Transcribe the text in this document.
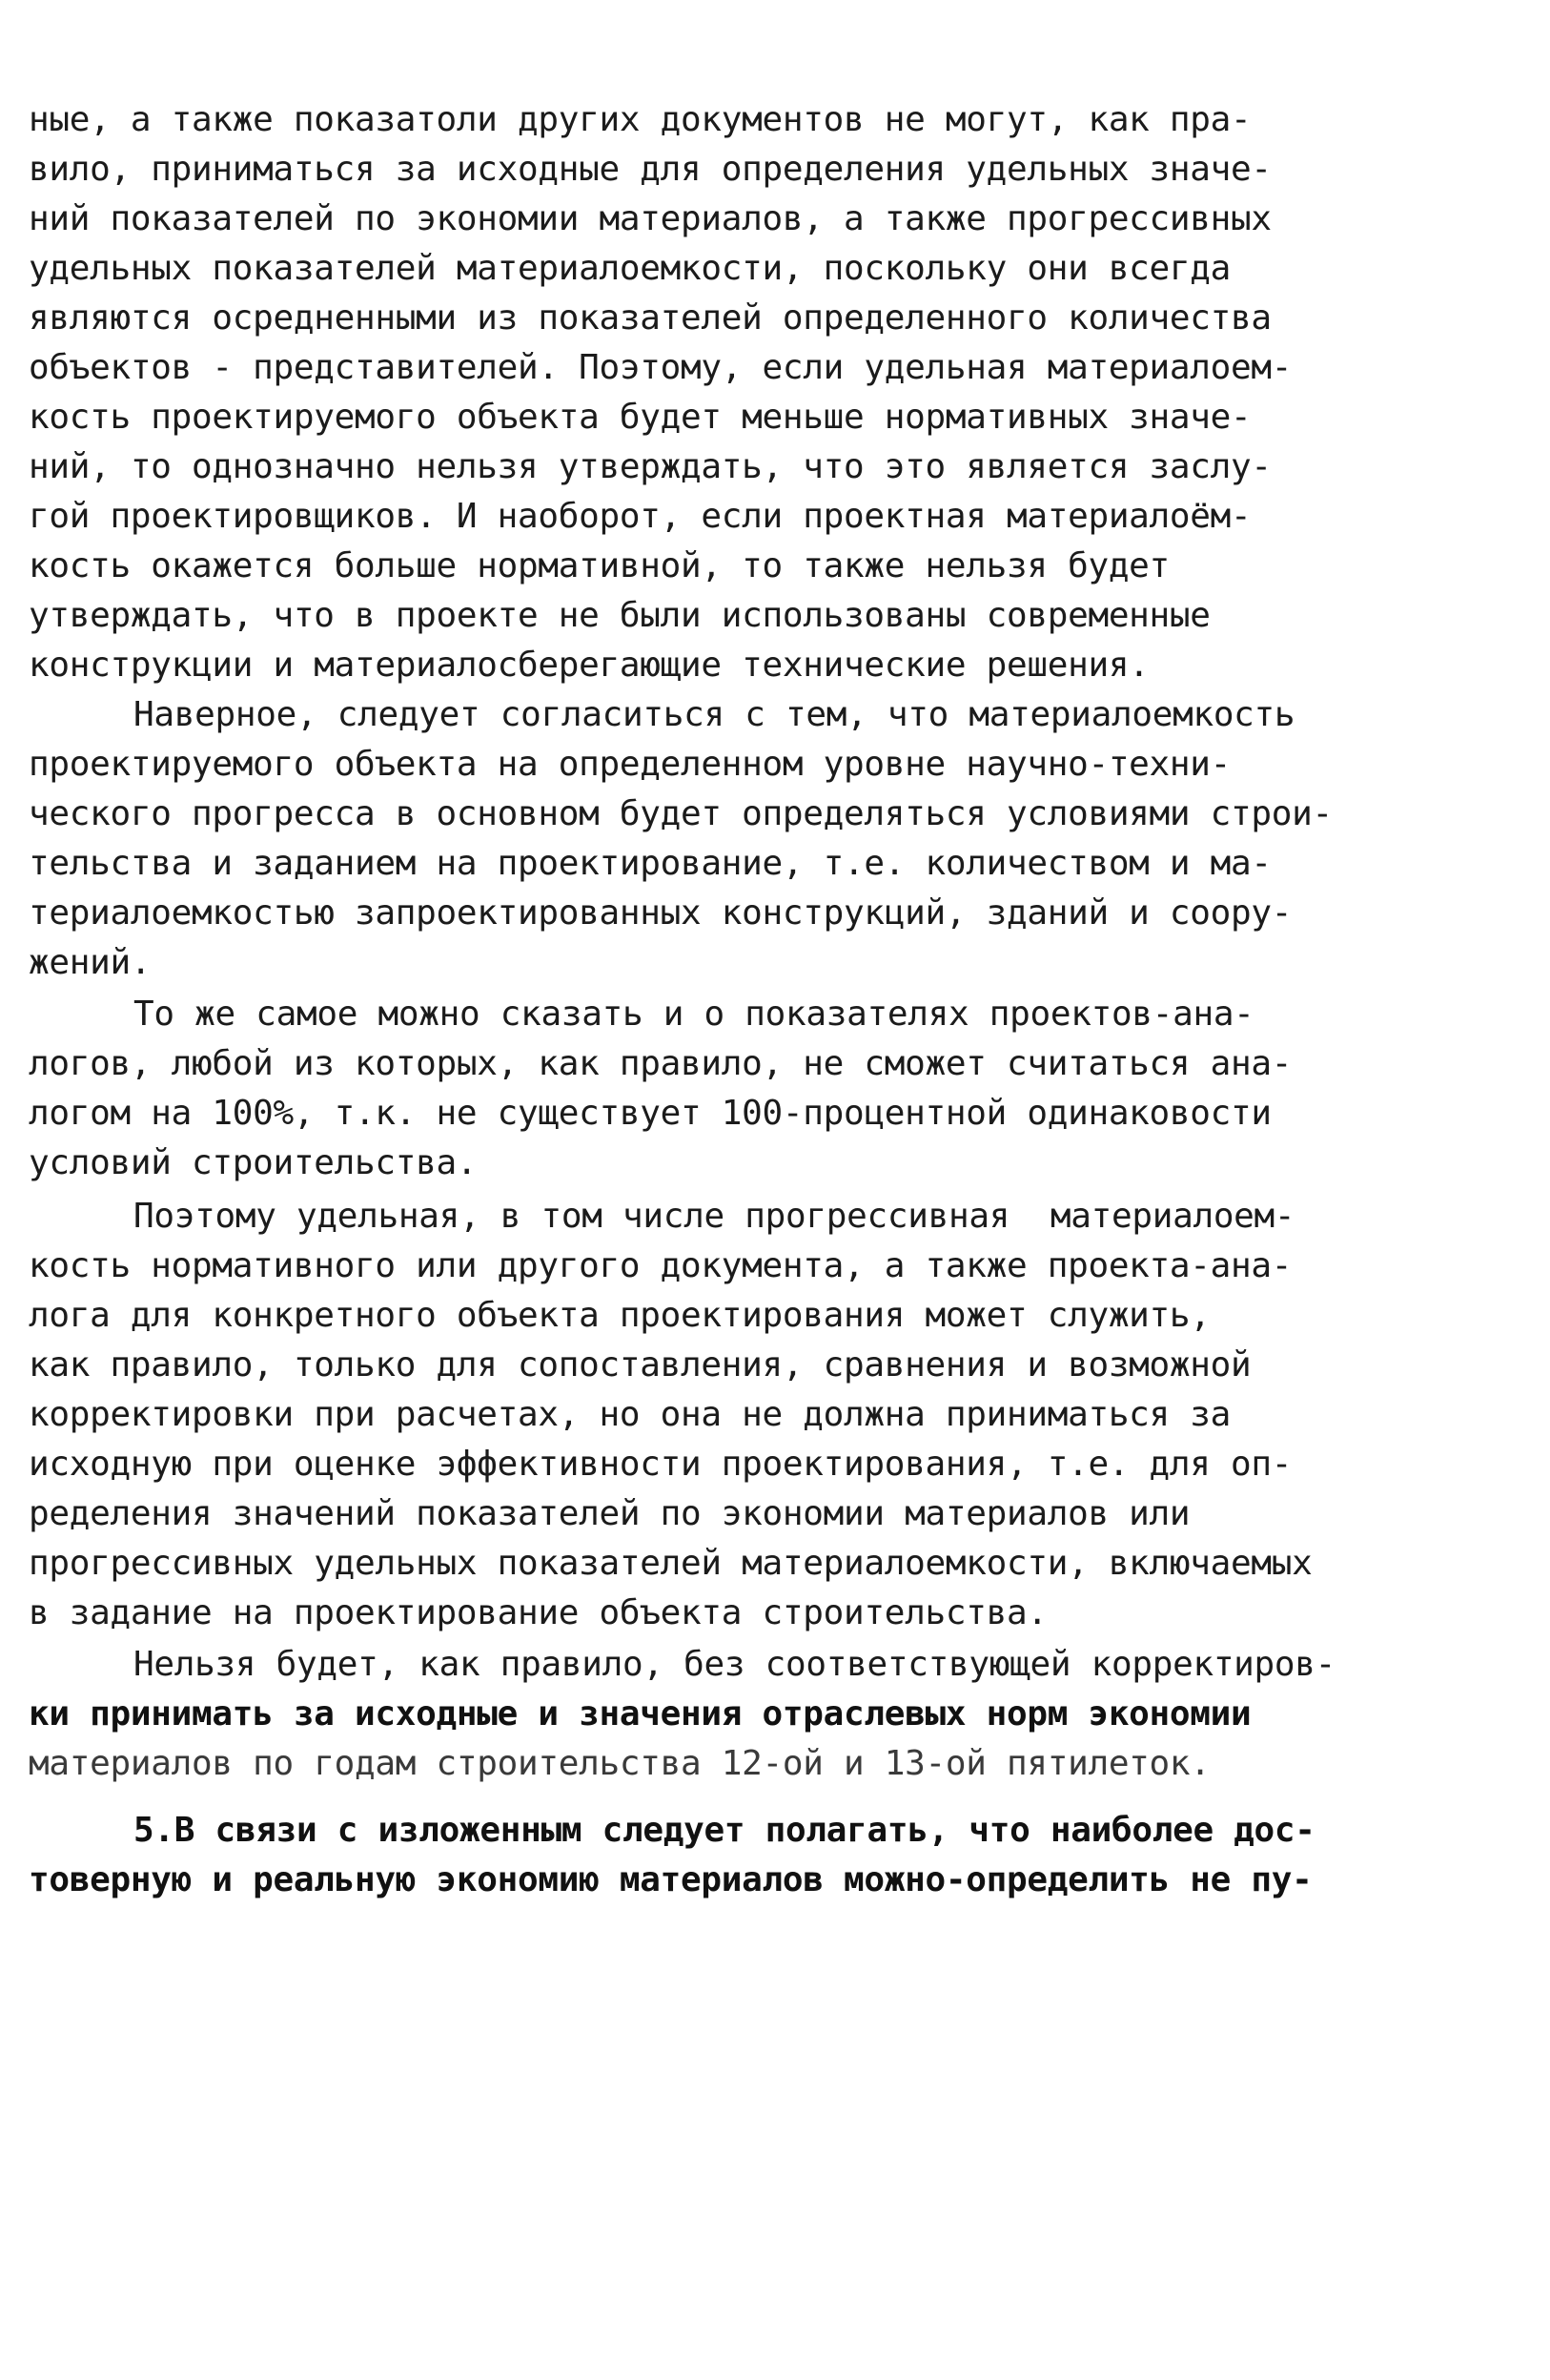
ные, а также показатоли других документов не могут, как пра-
вило, приниматься за исходные для определения удельных значе-
ний показателей по экономии материалов, а также прогрессивных
удельных показателей материалоемкости, поскольку они всегда
являются осредненными из показателей определенного количества
объектов - представителей. Поэтому, если удельная материалоем-
кость проектируемого объекта будет меньше нормативных значе-
ний, то однозначно нельзя утверждать, что это является заслу-
гой проектировщиков. И наоборот, если проектная материалоём-
кость окажется больше нормативной, то также нельзя будет
утверждать, что в проекте не были использованы современные
конструкции и материалосберегающие технические решения.
Наверное, следует согласиться с тем, что материалоемкость
проектируемого объекта на определенном уровне научно-техни-
ческого прогресса в основном будет определяться условиями строи-
тельства и заданием на проектирование, т.е. количеством и ма-
териалоемкостью запроектированных конструкций, зданий и соору-
жений.
То же самое можно сказать и о показателях проектов-ана-
логов, любой из которых, как правило, не сможет считаться ана-
логом на 100%, т.к. не существует 100-процентной одинаковости
условий строительства.
Поэтому удельная, в том числе прогрессивная  материалоем-
кость нормативного или другого документа, а также проекта-ана-
лога для конкретного объекта проектирования может служить,
как правило, только для сопоставления, сравнения и возможной
корректировки при расчетах, но она не должна приниматься за
исходную при оценке эффективности проектирования, т.е. для оп-
ределения значений показателей по экономии материалов или
прогрессивных удельных показателей материалоемкости, включаемых
в задание на проектирование объекта строительства.
Нельзя будет, как правило, без соответствующей корректиров-
ки принимать за исходные и значения отраслевых норм экономии
материалов по годам строительства 12-ой и 13-ой пятилеток.
5.В связи с изложенным следует полагать, что наиболее дос-
товерную и реальную экономию материалов можно-определить не пу-
